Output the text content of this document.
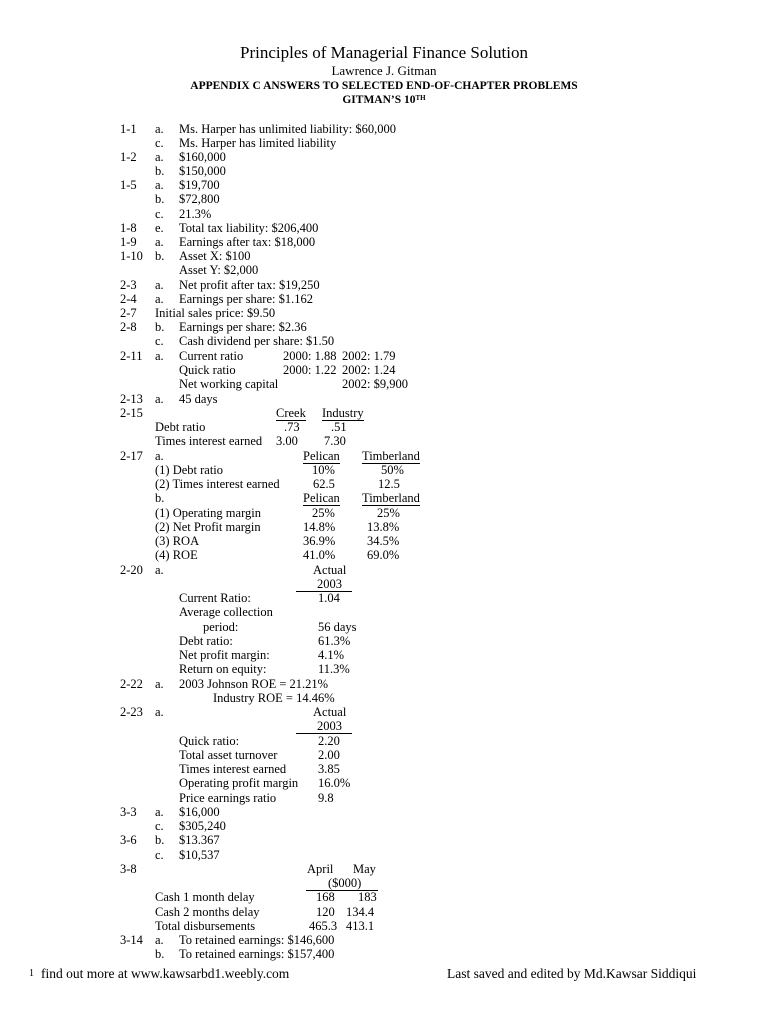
Principles of Managerial Finance Solution
Lawrence J. Gitman
APPENDIX C ANSWERS TO SELECTED END-OF-CHAPTER PROBLEMS
GITMAN’S 10TH
1-1 a. Ms. Harper has unlimited liability: $60,000
c. Ms. Harper has limited liability
1-2 a. $160,000
b. $150,000
1-5 a. $19,700
b. $72,800
c. 21.3%
1-8 e. Total tax liability: $206,400
1-9 a. Earnings after tax: $18,000
1-10 b. Asset X: $100
Asset Y: $2,000
2-3 a. Net profit after tax: $19,250
2-4 a. Earnings per share: $1.162
2-7 Initial sales price: $9.50
2-8 b. Earnings per share: $2.36
c. Cash dividend per share: $1.50
2-11 a. Current ratio	2000: 1.88 2002: 1.79
Quick ratio	2000: 1.22 2002: 1.24
Net working capital	2002: $9,900
2-13 a. 45 days
2-15	Creek Industry
Debt ratio	.73	.51
Times interest earned 3.00 7.30
2-17 a.	Pelican Timberland
(1) Debt ratio	10%	50%
(2) Times interest earned	62.5	12.5
b.	Pelican Timberland
(1) Operating margin	25%	25%
(2) Net Profit margin	14.8%	13.8%
(3) ROA	36.9%	34.5%
(4) ROE	41.0%	69.0%
2-20 a.	Actual
2003
Current Ratio:	1.04
Average collection
period:	56 days
Debt ratio:	61.3%
Net profit margin:	4.1%
Return on equity:	11.3%
2-22 a. 2003 Johnson ROE = 21.21%
Industry ROE = 14.46%
2-23 a.	Actual
2003
Quick ratio:	2.20
Total asset turnover	2.00
Times interest earned	3.85
Operating profit margin 16.0%
Price earnings ratio	9.8
3-3 a. $16,000
c. $305,240
3-6 b. $13.367
c. $10,537
3-8	April May
($000)
Cash 1 month delay	168 183
Cash 2 months delay	120 134.4
Total disbursements	465.3 413.1
3-14 a. To retained earnings: $146,600
b. To retained earnings: $157,400
1 find out more at www.kawsarbd1.weebly.com	Last saved and edited by Md.Kawsar Siddiqui
